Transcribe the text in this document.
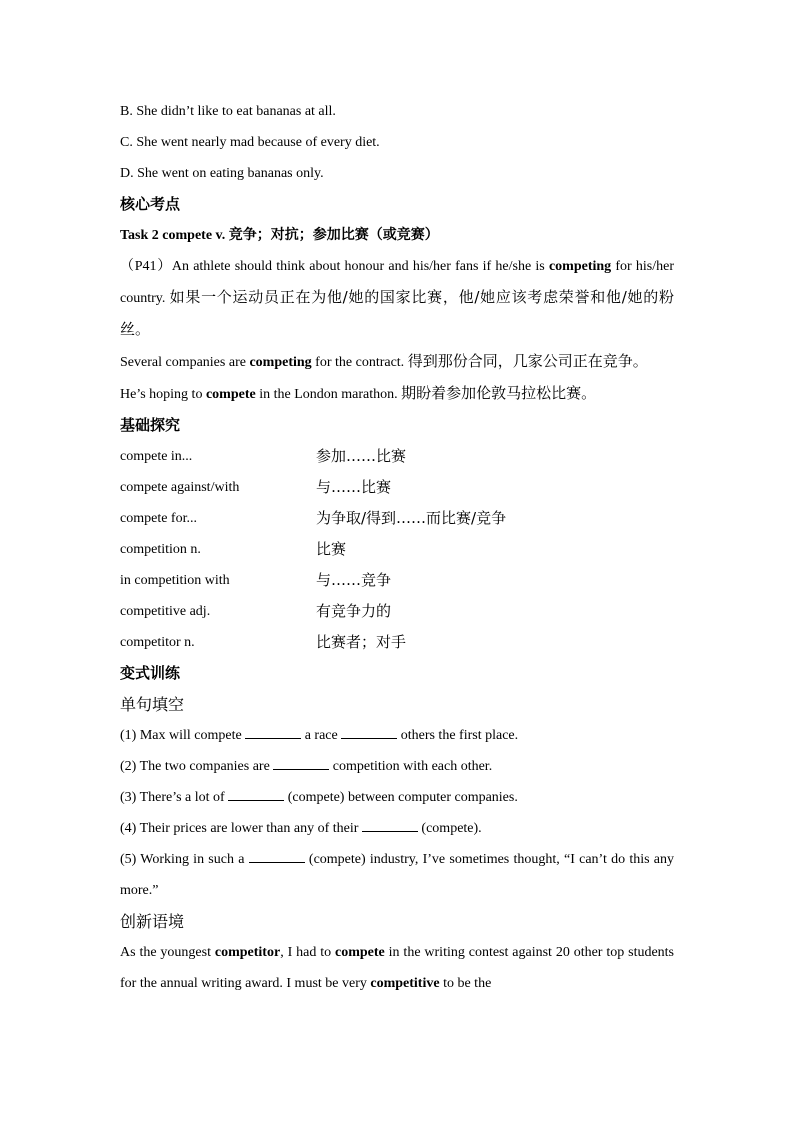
B. She didn’t like to eat bananas at all.
C. She went nearly mad because of every diet.
D. She went on eating bananas only.
核心考点
Task 2 compete v. 竞争；对抗；参加比赛（或竞赛）
（P41）An athlete should think about honour and his/her fans if he/she is competing for his/her country. 如果一个运动员正在为他/她的国家比赛，他/她应该考虑荣誉和他/她的粉丝。
Several companies are competing for the contract. 得到那份合同，几家公司正在竞争。
He’s hoping to compete in the London marathon. 期盼着参加伦敦马拉松比赛。
基础探究
compete in...	参加……比赛
compete against/with	与……比赛
compete for...	为争取/得到……而比赛/竞争
competition n.	比赛
in competition with	与……竞争
competitive adj.	有竞争力的
competitor n.	比赛者；对手
变式训练
单句填空
(1) Max will compete	a race	others the first place.
(2) The two companies are	competition with each other.
(3) There’s a lot of	(compete) between computer companies.
(4) Their prices are lower than any of their	(compete).
(5) Working in such a	(compete) industry, I’ve sometimes thought, “I can’t do this any more.”
创新语境
As the youngest competitor, I had to compete in the writing contest against 20 other top students for the annual writing award. I must be very competitive to be the
